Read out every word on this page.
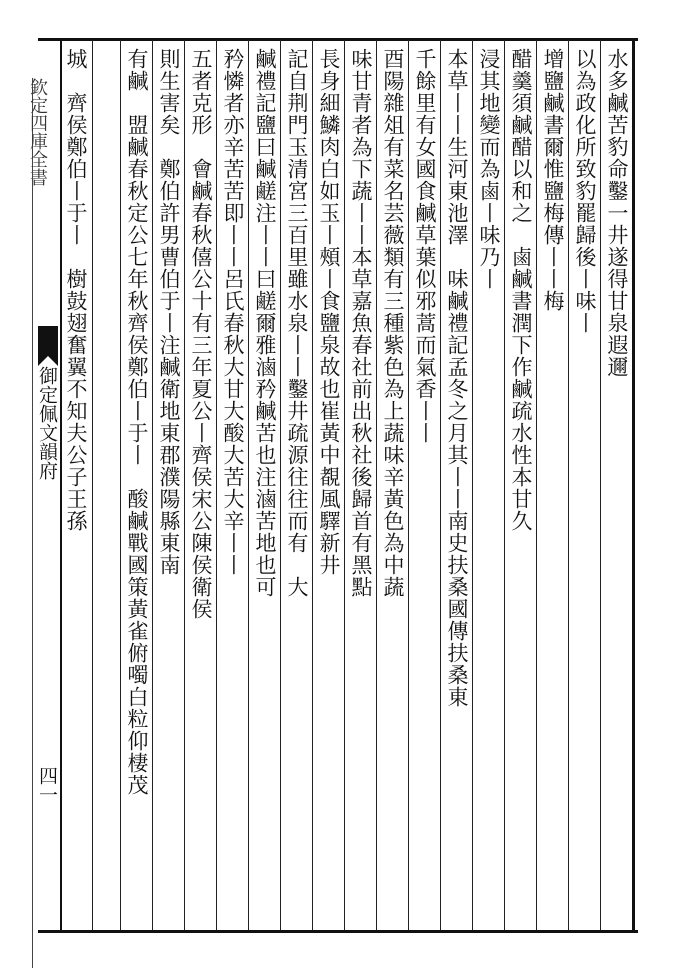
欽定四庫全書
御定佩文韻府
四一
水多鹹苦豹命鑿一井遂得甘泉遐邇
以為政化所致豹罷歸後丨味丨
增鹽鹹書爾惟鹽梅傳丨丨梅
醋羹須鹹醋以和之　鹵鹹書潤下作鹹疏水性本甘久
浸其地變而為鹵丨味乃丨
本草丨丨生河東池澤　味鹹禮記孟冬之月其丨丨南史扶桑國傳扶桑東
千餘里有女國食鹹草葉似邪蒿而氣香丨丨
酉陽雜俎有菜名芸薇類有三種紫色為上蔬味辛黃色為中蔬
味甘青者為下蔬丨丨本草嘉魚春社前出秋社後歸首有黑點
長身細鱗肉白如玉丨頰丨食鹽泉故也崔黃中覩風驛新井
記自荆門玉清宮三百里雖水泉丨丨鑿井疏源往往而有　大
鹹禮記鹽曰鹹鹺注丨丨曰鹺爾雅滷矜鹹苦也注滷苦地也可
矜憐者亦辛苦苦即丨丨呂氏春秋大甘大酸大苦大辛丨丨
五者克形　會鹹春秋僖公十有三年夏公丨齊侯宋公陳侯衛侯
則生害矣　鄭伯許男曹伯于丨注鹹衛地東郡濮陽縣東南
有鹹　盟鹹春秋定公七年秋齊侯鄭伯丨于丨　酸鹹戰國策黃雀俯噣白粒仰棲茂
城　齊侯鄭伯丨于丨　樹鼓翅奮翼不知夫公子王孫
